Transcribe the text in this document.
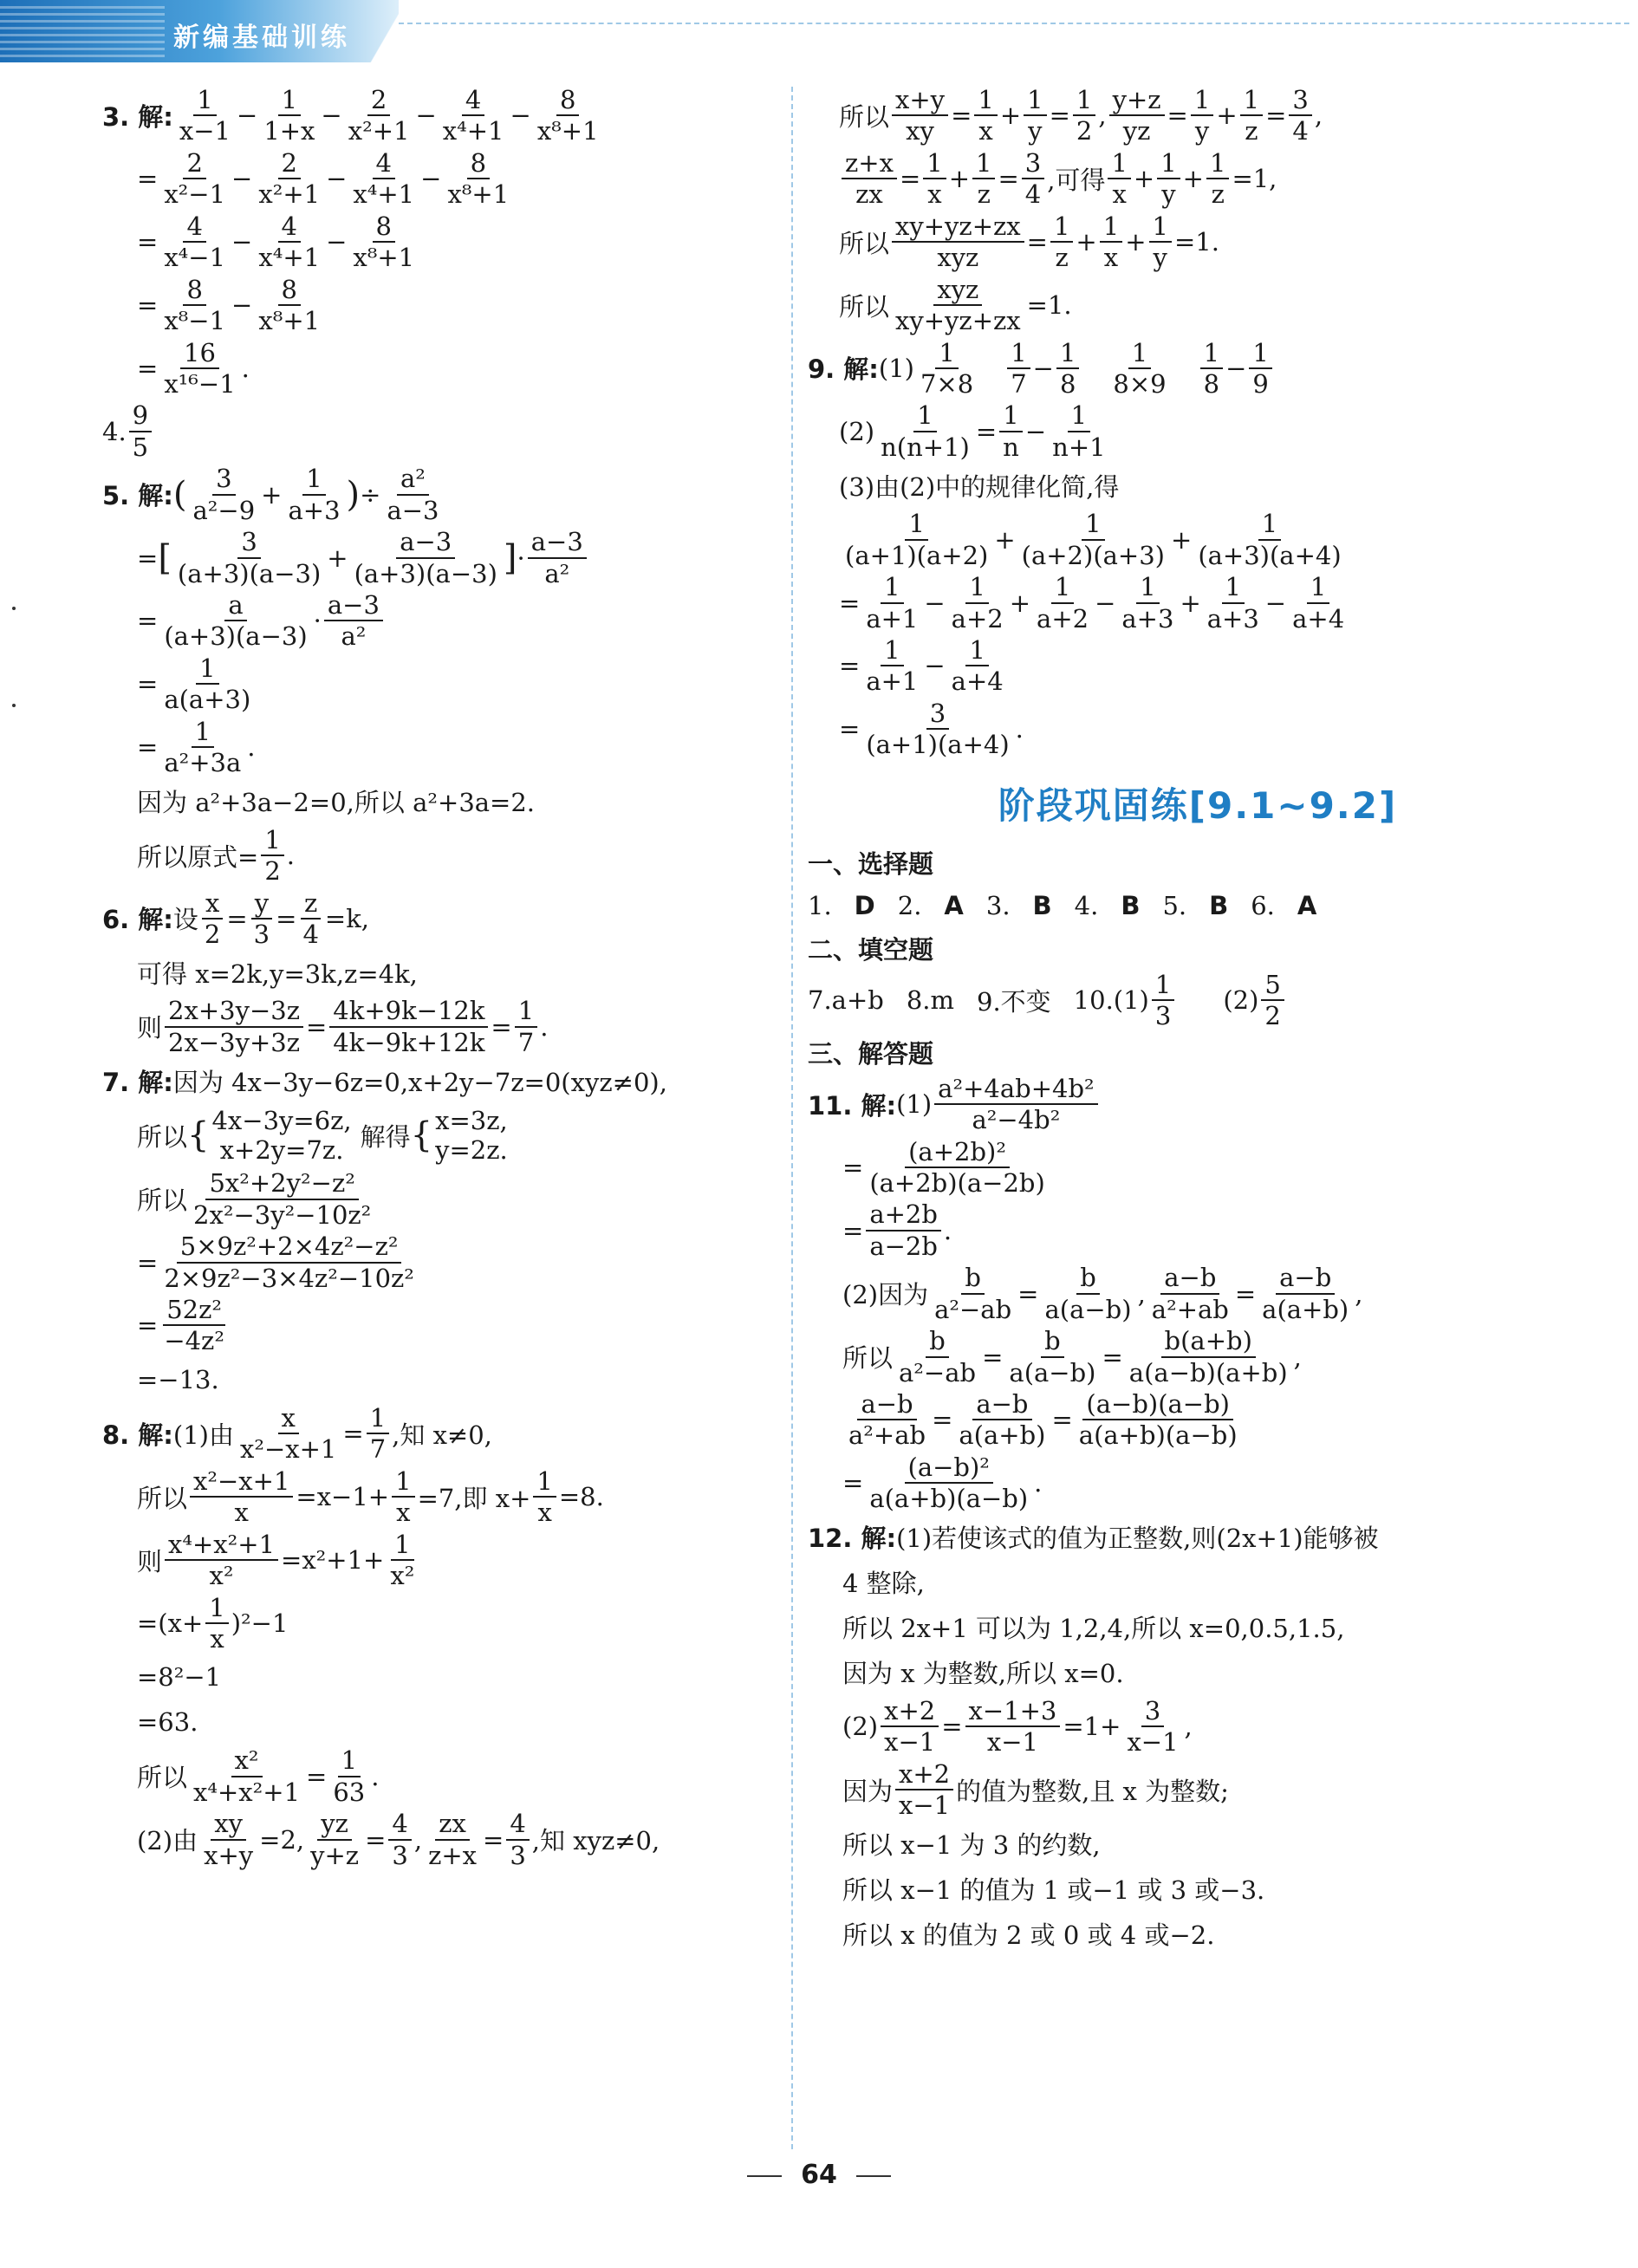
新编基础训练
3. 解: $\frac{1}{x-1} - \frac{1}{1+x} - \frac{2}{\text{x²+1}} - \frac{4}{\text{x⁴+1}} - \frac{8}{\text{x⁸+1}}$
= $\frac{2}{\text{x²−1}} - \frac{2}{\text{x²+1}} - \frac{4}{\text{x⁴+1}} - \frac{8}{\text{x⁸+1}}$
= $\frac{4}{\text{x⁴−1}} - \frac{4}{\text{x⁴+1}} - \frac{8}{\text{x⁸+1}}$
= $\frac{8}{\text{x⁸−1}} - \frac{8}{\text{x⁸+1}}$
= $\frac{16}{\text{x¹⁶−1}}$ .
4. $\frac{9}{5}$
5. 解: ( $\frac{3}{\text{a²−9}} + \frac{1}{a+3}$ ) ÷ $\frac{\text{a²}}{a-3}$
= [ $\frac{3}{(a+3)(a-3)} + \frac{a-3}{(a+3)(a-3)}$ ] · $\frac{a-3}{\text{a²}}$
= $\frac{a}{(a+3)(a-3)} \cdot \frac{a-3}{\text{a²}}$
= $\frac{1}{a(a+3)}$
= $\frac{1}{\text{a²+3a}}$ .
因为 a²+3a−2=0,所以 a²+3a=2.
所以原式= $\frac{1}{2}$ .
6. 解: 设 $\frac{x}{2} = \frac{y}{3} = \frac{z}{4} =k$,
可得 x=2k,y=3k,z=4k,
则 $\frac{2x+3y-3z}{2x-3y+3z} = \frac{4k+9k-12k}{4k-9k+12k} = \frac{1}{7}$ .
7. 解: 因为 4x−3y−6z=0,x+2y−7z=0(xyz≠0),
所以 { 4x−3y=6z,
x+2y=7z. 解得 { x=3z,
y=2z.
所以 $\frac{\text{5x²+2y²−z²}}{\text{2x²−3y²−10z²}}$
= $\frac{\text{5×9z²+2×4z²−z²}}{\text{2×9z²−3×4z²−10z²}}$
= $\frac{\text{52z²}}{\text{−4z²}}$
=−13.
8. 解: (1)由 $\frac{x}{\text{x²−x+1}} = \frac{1}{7}$ ,知 x≠0,
所以 $\frac{\text{x²−x+1}}{x} =x-1+ \frac{1}{x} =7$,即 $x+ \frac{1}{x} =8$.
则 $\frac{\text{x⁴+x²+1}}{\text{x²}} =x^2+1+ \frac{1}{\text{x²}}$
$=(x+ \frac{1}{x} )^2-1$
=8²−1
=63.
所以 $\frac{\text{x²}}{\text{x⁴+x²+1}} = \frac{1}{63}$ .
(2)由 $\frac{xy}{x+y} =2$, $\frac{yz}{y+z} = \frac{4}{3}$ , $\frac{zx}{z+x} = \frac{4}{3}$ ,知 xyz≠0,
所以 $\frac{x+y}{xy} = \frac{1}{x} + \frac{1}{y} = \frac{1}{2}$ , $\frac{y+z}{yz} = \frac{1}{y} + \frac{1}{z} = \frac{3}{4}$ ,
$\frac{z+x}{zx} = \frac{1}{x} + \frac{1}{z} = \frac{3}{4}$ ,可得 $\frac{1}{x} + \frac{1}{y} + \frac{1}{z} =1$,
所以 $\frac{xy+yz+zx}{\text{xyz}} = \frac{1}{z} + \frac{1}{x} + \frac{1}{y} =1$.
所以 $\frac{\text{xyz}}{xy+yz+zx} =1$.
9. 解: $(1) \frac{1}{7\times 8} \frac{1}{7} - \frac{1}{8} \frac{1}{8\times 9} \frac{1}{8} - \frac{1}{9}$
$(2) \frac{1}{n(n+1)} = \frac{1}{n} - \frac{1}{n+1}$
(3)由(2)中的规律化简,得
$\frac{1}{(a+1)(a+2)} + \frac{1}{(a+2)(a+3)} + \frac{1}{(a+3)(a+4)}$
= $\frac{1}{a+1} - \frac{1}{a+2} + \frac{1}{a+2} - \frac{1}{a+3} + \frac{1}{a+3} - \frac{1}{a+4}$
= $\frac{1}{a+1} - \frac{1}{a+4}$
= $\frac{3}{(a+1)(a+4)}$ .
阶段巩固练[9.1~9.2]
一、选择题
1. D 2. A 3. B 4. B 5. B 6. A
二、填空题
7.a+b 8.m 9.不变 $10.(1) \frac{1}{3} (2) \frac{5}{2}$
三、解答题
11. 解: $(1) \frac{\text{a²+4ab+4b²}}{\text{a²−4b²}}$
= $\frac{\text{(a+2b)²}}{(a+2b)(a-2b)}$
= $\frac{a+2b}{a-2b}$ .
(2)因为 $\frac{b}{\text{a²−ab}} = \frac{b}{a(a-b)}$ , $\frac{a-b}{\text{a²+ab}} = \frac{a-b}{a(a+b)}$ ,
所以 $\frac{b}{\text{a²−ab}} = \frac{b}{a(a-b)} = \frac{b(a+b)}{a(a-b)(a+b)}$ ,
$\frac{a-b}{\text{a²+ab}} = \frac{a-b}{a(a+b)} = \frac{(a-b)(a-b)}{a(a+b)(a-b)}$
= $\frac{\text{(a−b)²}}{a(a+b)(a-b)}$ .
12. 解: (1)若使该式的值为正整数,则(2x+1)能够被
4 整除,
所以 2x+1 可以为 1,2,4,所以 x=0,0.5,1.5,
因为 x 为整数,所以 x=0.
$(2) \frac{x+2}{x-1} = \frac{x-1+3}{x-1} =1+ \frac{3}{x-1}$ ,
因为 $\frac{x+2}{x-1}$ 的值为整数,且 x 为整数;
所以 x−1 为 3 的约数,
所以 x−1 的值为 1 或−1 或 3 或−3.
所以 x 的值为 2 或 0 或 4 或−2.
64
